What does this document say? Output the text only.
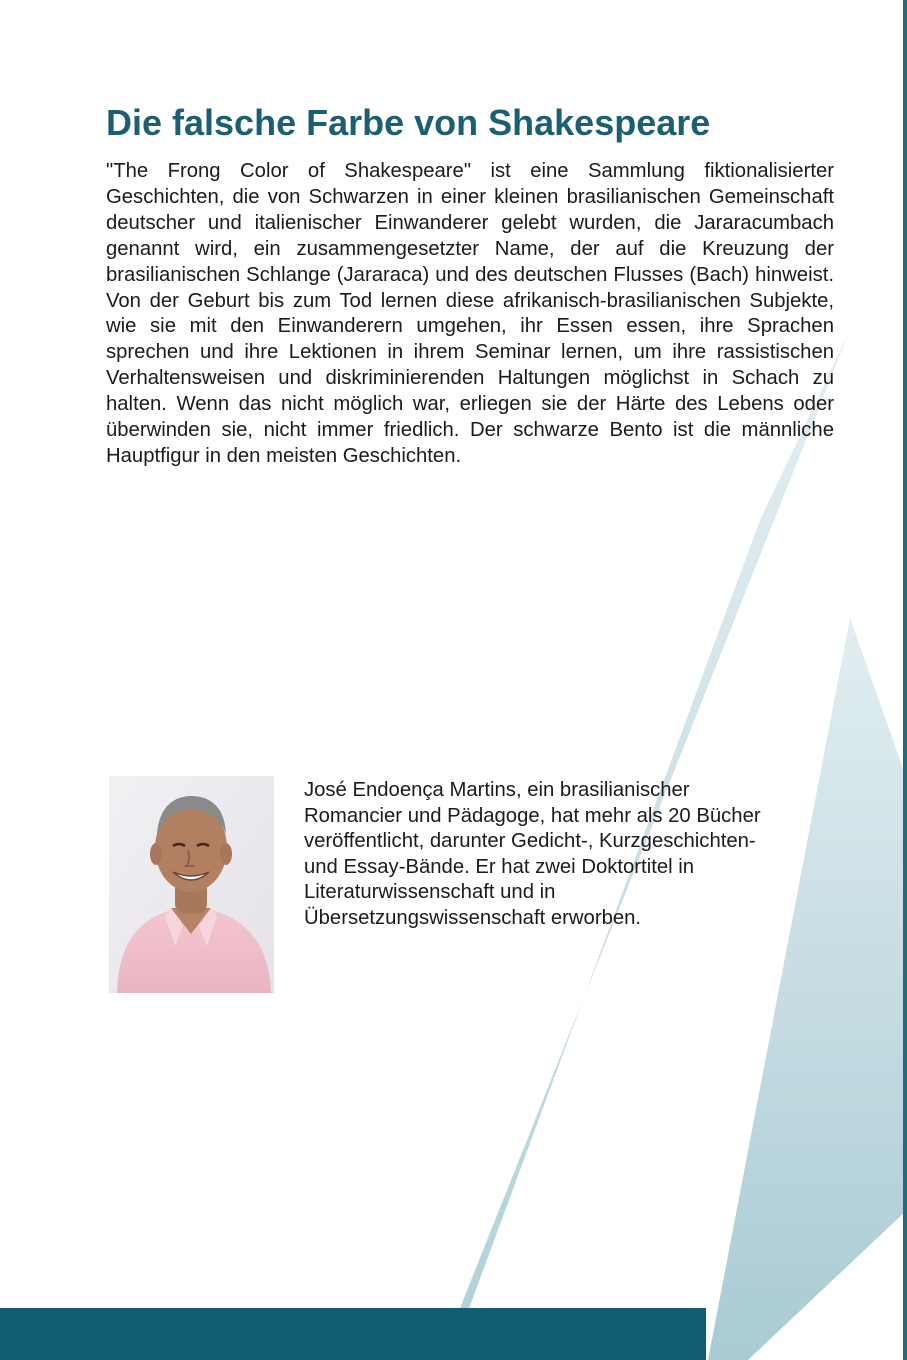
Die falsche Farbe von Shakespeare

"The Frong Color of Shakespeare" ist eine Sammlung fiktionalisierter Geschichten, die von Schwarzen in einer kleinen brasilianischen Gemeinschaft deutscher und italienischer Einwanderer gelebt wurden, die Jararacumbach genannt wird, ein zusammengesetzter Name, der auf die Kreuzung der brasilianischen Schlange (Jararaca) und des deutschen Flusses (Bach) hinweist. Von der Geburt bis zum Tod lernen diese afrikanisch-brasilianischen Subjekte, wie sie mit den Einwanderern umgehen, ihr Essen essen, ihre Sprachen sprechen und ihre Lektionen in ihrem Seminar lernen, um ihre rassistischen Verhaltensweisen und diskriminierenden Haltungen möglichst in Schach zu halten. Wenn das nicht möglich war, erliegen sie der Härte des Lebens oder überwinden sie, nicht immer friedlich. Der schwarze Bento ist die männliche Hauptfigur in den meisten Geschichten.

José Endoença Martins, ein brasilianischer
Romancier und Pädagoge, hat mehr als 20 Bücher
veröffentlicht, darunter Gedicht-, Kurzgeschichten-
und Essay-Bände. Er hat zwei Doktortitel in
Literaturwissenschaft und in
Übersetzungswissenschaft erworben.
